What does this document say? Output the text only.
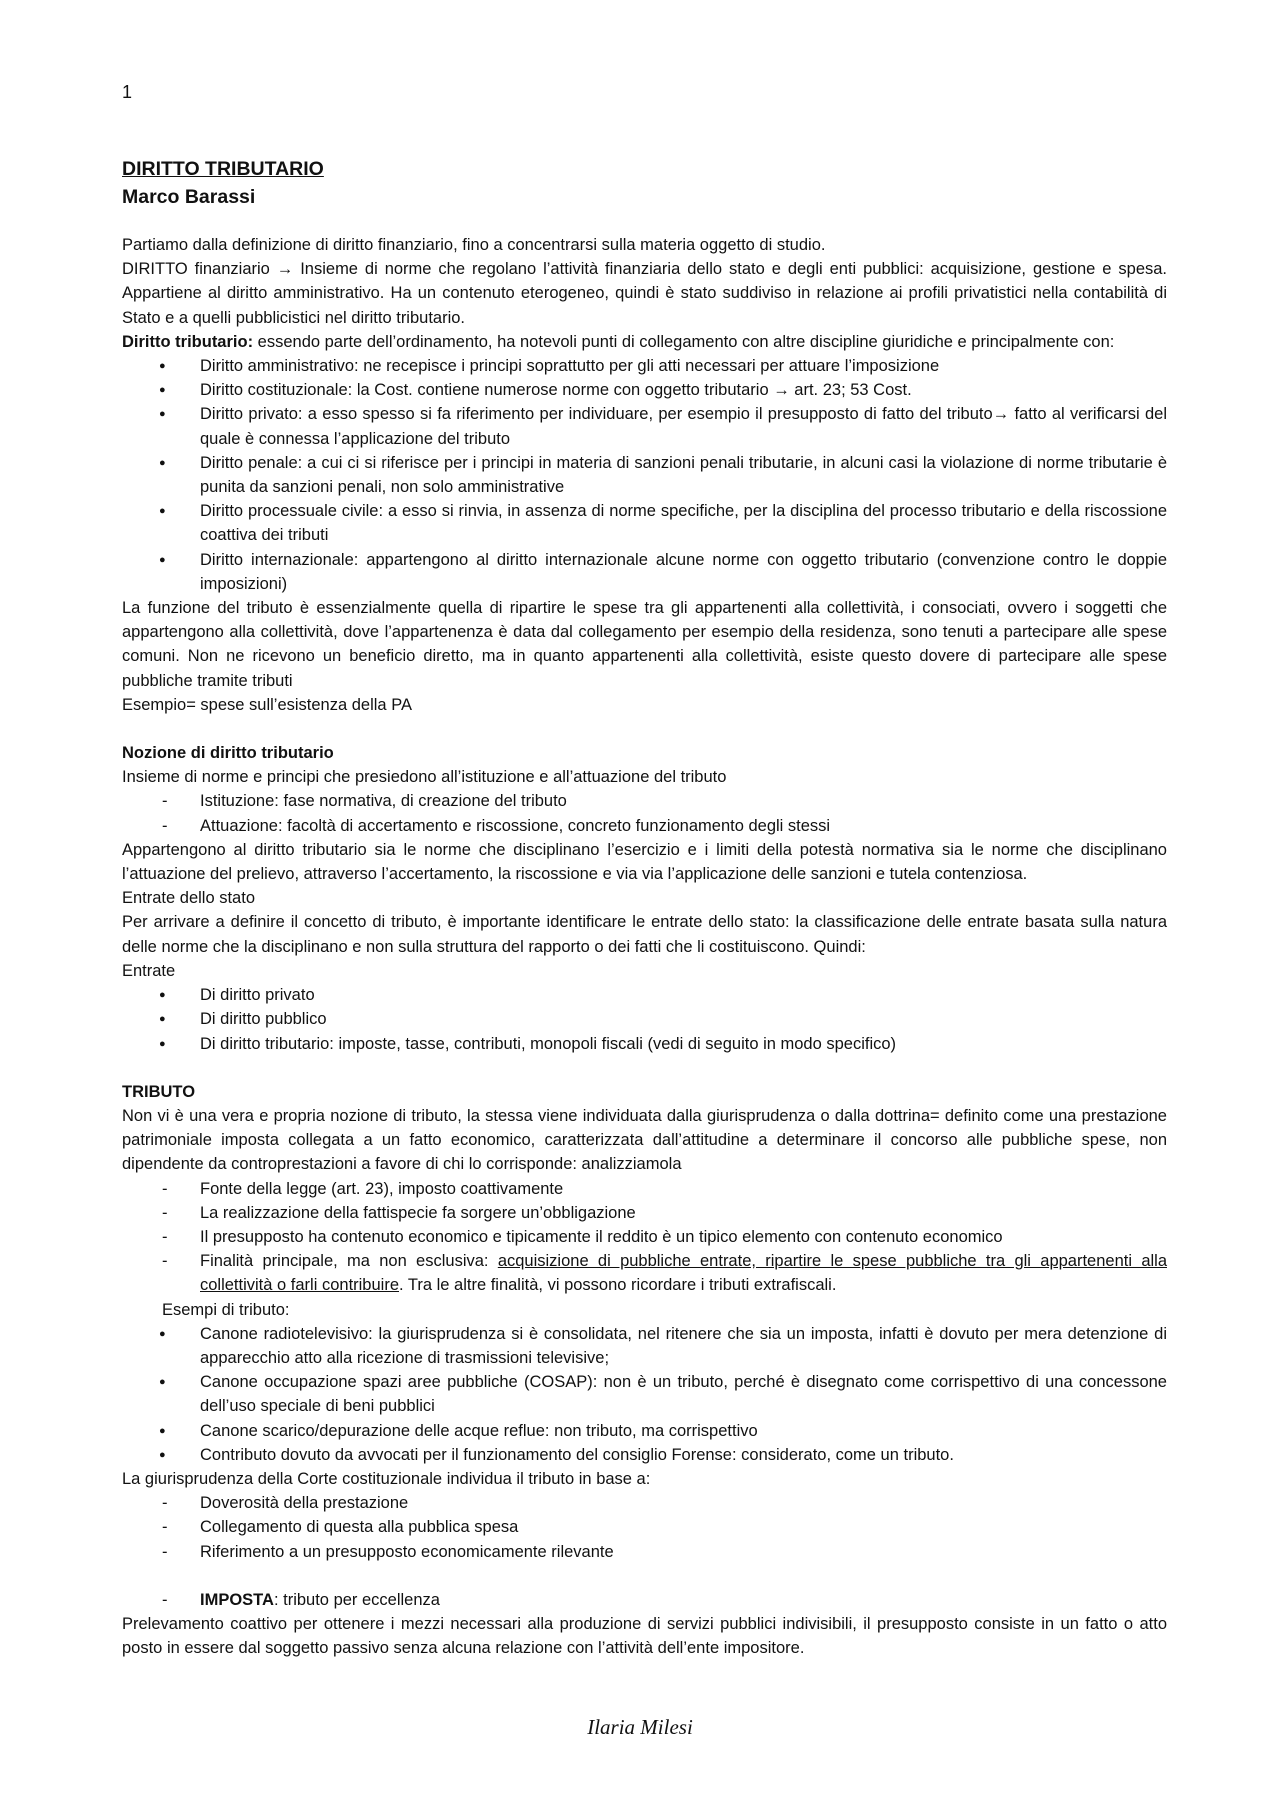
1
DIRITTO TRIBUTARIO
Marco Barassi

Partiamo dalla definizione di diritto finanziario, fino a concentrarsi sulla materia oggetto di studio.

DIRITTO finanziario → Insieme di norme che regolano l’attività finanziaria dello stato e degli enti pubblici: acquisizione, gestione e spesa. Appartiene al diritto amministrativo. Ha un contenuto eterogeneo, quindi è stato suddiviso in relazione ai profili privatistici nella contabilità di Stato e a quelli pubblicistici nel diritto tributario.

Diritto tributario: essendo parte dell’ordinamento, ha notevoli punti di collegamento con altre discipline giuridiche e principalmente con:

● Diritto amministrativo: ne recepisce i principi soprattutto per gli atti necessari per attuare l’imposizione
● Diritto costituzionale: la Cost. contiene numerose norme con oggetto tributario → art. 23; 53 Cost.
● Diritto privato: a esso spesso si fa riferimento per individuare, per esempio il presupposto di fatto del tributo→ fatto al verificarsi del quale è connessa l’applicazione del tributo
● Diritto penale: a cui ci si riferisce per i principi in materia di sanzioni penali tributarie, in alcuni casi la violazione di norme tributarie è punita da sanzioni penali, non solo amministrative
● Diritto processuale civile: a esso si rinvia, in assenza di norme specifiche, per la disciplina del processo tributario e della riscossione coattiva dei tributi
● Diritto internazionale: appartengono al diritto internazionale alcune norme con oggetto tributario (convenzione contro le doppie imposizioni)

La funzione del tributo è essenzialmente quella di ripartire le spese tra gli appartenenti alla collettività, i consociati, ovvero i soggetti che appartengono alla collettività, dove l’appartenenza è data dal collegamento per esempio della residenza, sono tenuti a partecipare alle spese comuni. Non ne ricevono un beneficio diretto, ma in quanto appartenenti alla collettività, esiste questo dovere di partecipare alle spese pubbliche tramite tributi

Esempio= spese sull’esistenza della PA

Nozione di diritto tributario

Insieme di norme e principi che presiedono all’istituzione e all’attuazione del tributo

- Istituzione: fase normativa, di creazione del tributo
- Attuazione: facoltà di accertamento e riscossione, concreto funzionamento degli stessi

Appartengono al diritto tributario sia le norme che disciplinano l’esercizio e i limiti della potestà normativa sia le norme che disciplinano l’attuazione del prelievo, attraverso l’accertamento, la riscossione e via via l’applicazione delle sanzioni e tutela contenziosa.

Entrate dello stato

Per arrivare a definire il concetto di tributo, è importante identificare le entrate dello stato: la classificazione delle entrate basata sulla natura delle norme che la disciplinano e non sulla struttura del rapporto o dei fatti che li costituiscono. Quindi:

Entrate

● Di diritto privato
● Di diritto pubblico
● Di diritto tributario: imposte, tasse, contributi, monopoli fiscali (vedi di seguito in modo specifico)

TRIBUTO

Non vi è una vera e propria nozione di tributo, la stessa viene individuata dalla giurisprudenza o dalla dottrina= definito come una prestazione patrimoniale imposta collegata a un fatto economico, caratterizzata dall’attitudine a determinare il concorso alle pubbliche spese, non dipendente da controprestazioni a favore di chi lo corrisponde: analizziamola

- Fonte della legge (art. 23), imposto coattivamente
- La realizzazione della fattispecie fa sorgere un’obbligazione
- Il presupposto ha contenuto economico e tipicamente il reddito è un tipico elemento con contenuto economico
- Finalità principale, ma non esclusiva: acquisizione di pubbliche entrate, ripartire le spese pubbliche tra gli appartenenti alla collettività o farli contribuire. Tra le altre finalità, vi possono ricordare i tributi extrafiscali.

Esempi di tributo:

● Canone radiotelevisivo: la giurisprudenza si è consolidata, nel ritenere che sia un imposta, infatti è dovuto per mera detenzione di apparecchio atto alla ricezione di trasmissioni televisive;
● Canone occupazione spazi aree pubbliche (COSAP): non è un tributo, perché è disegnato come corrispettivo di una concessone dell’uso speciale di beni pubblici
● Canone scarico/depurazione delle acque reflue: non tributo, ma corrispettivo
● Contributo dovuto da avvocati per il funzionamento del consiglio Forense: considerato, come un tributo.

La giurisprudenza della Corte costituzionale individua il tributo in base a:

- Doverosità della prestazione
- Collegamento di questa alla pubblica spesa
- Riferimento a un presupposto economicamente rilevante
- IMPOSTA: tributo per eccellenza

Prelevamento coattivo per ottenere i mezzi necessari alla produzione di servizi pubblici indivisibili, il presupposto consiste in un fatto o atto posto in essere dal soggetto passivo senza alcuna relazione con l’attività dell’ente impositore.

Ilaria Milesi
